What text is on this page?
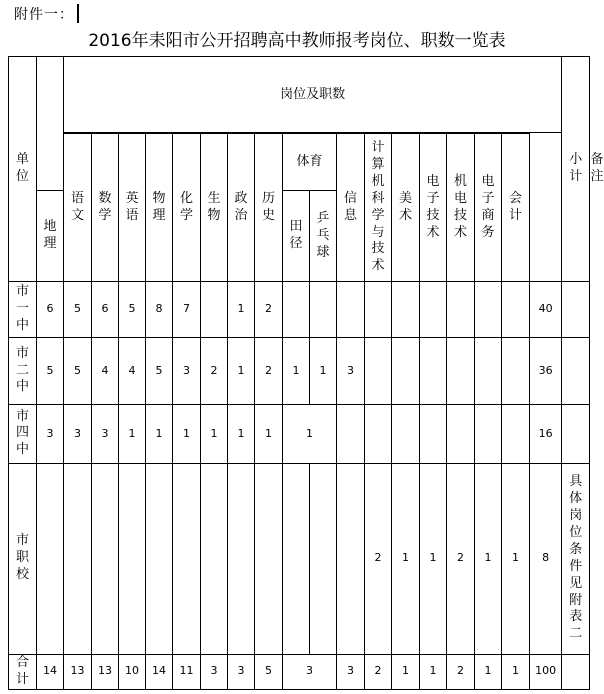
附件一：
2016年耒阳市公开招聘高中教师报考岗位、职数一览表
单位		岗位及职数																		小计	备注

		语文	数学	英语	物理	化学	生物	政治	历史	体育		信息	计算机科学与技术	美术	电子技术	机电技术	电子商务	会计			
	地理									田径	乒乓球										
市一中	6	5	6	5	8	7		1	2										40		
市二中	5	5	4	4	5	3	2	1	2	1	1	3							36		
市四中	3	3	3	1	1	1	1	1	1	1									16		
市职校													2	1	1	2	1	1	8	具体岗位条件见附表二	
合计	14	13	13	10	14	11	3	3	5	3		3	2	1	1	2	1	1	100		
